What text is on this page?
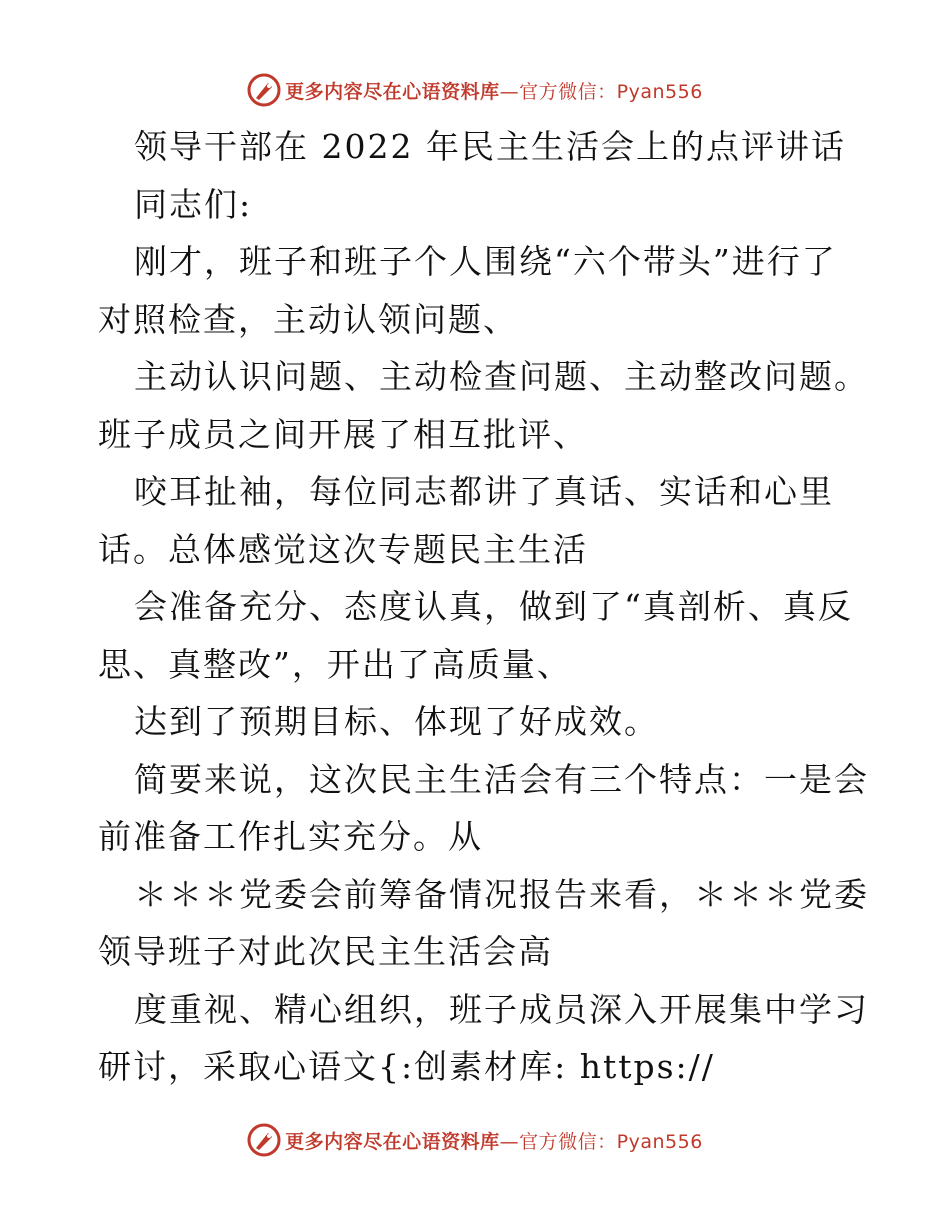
更多内容尽在心语资料库—官方微信：Pyan556
领导干部在 2022 年民主生活会上的点评讲话
同志们:
刚才，班子和班子个人围绕“六个带头”进行了
对照检查，主动认领问题、
主动认识问题、主动检查问题、主动整改问题。
班子成员之间开展了相互批评、
咬耳扯袖，每位同志都讲了真话、实话和心里
话。总体感觉这次专题民主生活
会准备充分、态度认真，做到了“真剖析、真反
思、真整改”，开出了高质量、
达到了预期目标、体现了好成效。
简要来说，这次民主生活会有三个特点：一是会
前准备工作扎实充分。从
＊＊＊党委会前筹备情况报告来看，＊＊＊党委
领导班子对此次民主生活会高
度重视、精心组织，班子成员深入开展集中学习
研讨，采取心语文{:创素材库: https://
更多内容尽在心语资料库—官方微信：Pyan556
